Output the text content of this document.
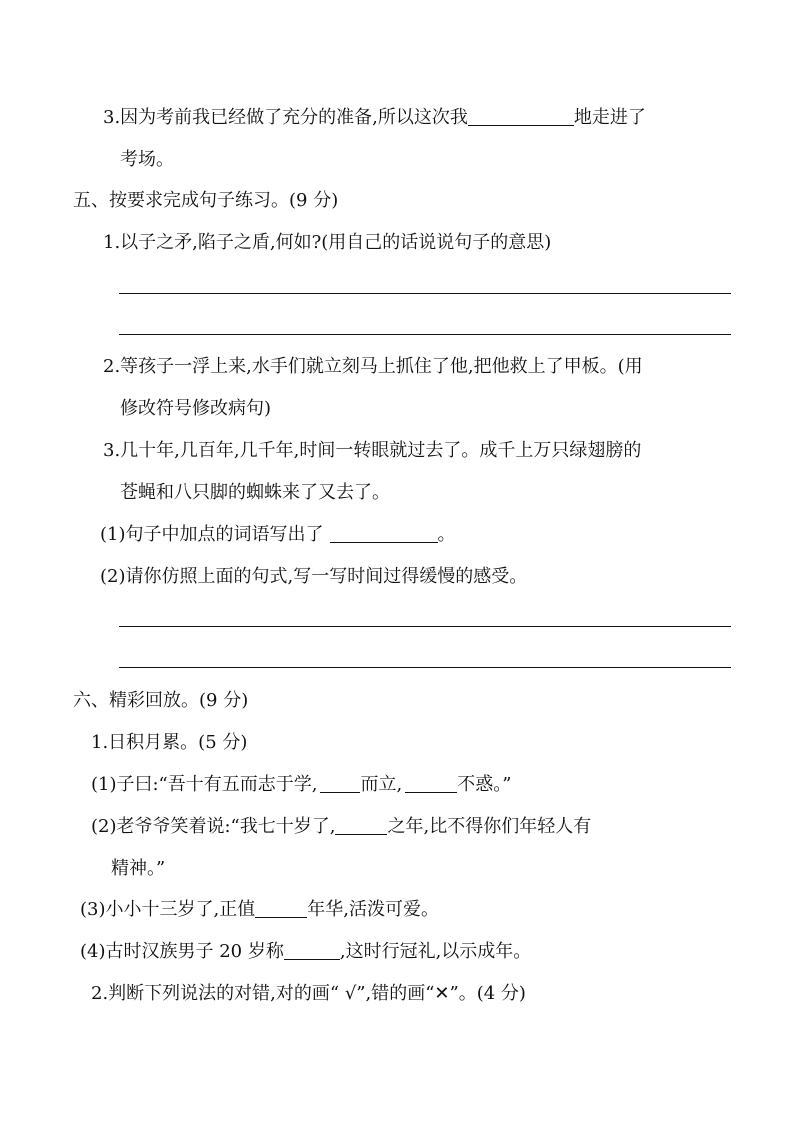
3.因为考前我已经做了充分的准备,所以这次我	地走进了
考场。
五、按要求完成句子练习。(9 分)
1.以子之矛,陷子之盾,何如?(用自己的话说说句子的意思)
2.等孩子一浮上来,水手们就立刻马上抓住了他,把他救上了甲板。(用
修改符号修改病句)
3.几十年,几百年,几千年,时间一转眼就过去了。成千上万只绿翅膀的
苍蝇和八只脚的蜘蛛来了又去了。
(1)句子中加点的词语写出了	。
(2)请你仿照上面的句式,写一写时间过得缓慢的感受。
六、精彩回放。(9 分)
1.日积月累。(5 分)
(1)子曰:“吾十有五而志于学, 而立,	不惑。”
(2)老爷爷笑着说:“我七十岁了,	之年,比不得你们年轻人有
精神。”
(3)小小十三岁了,正值	年华,活泼可爱。
(4)古时汉族男子 20 岁称	,这时行冠礼,以示成年。
2.判断下列说法的对错,对的画“ √”,错的画“✕”。(4 分)
